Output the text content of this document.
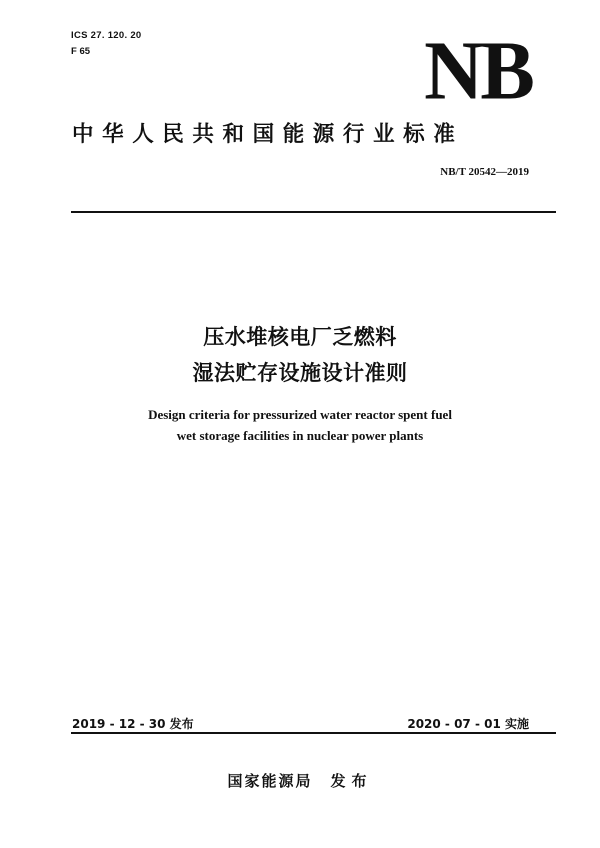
ICS 27. 120. 20
F 65	NB
中华人民共和国能源行业标准
NB/T 20542—2019
压水堆核电厂乏燃料
湿法贮存设施设计准则
Design criteria for pressurized water reactor spent fuel
wet storage facilities in nuclear power plants
2019 - 12 - 30 发布	2020 - 07 - 01 实施
国家能源局 发布
